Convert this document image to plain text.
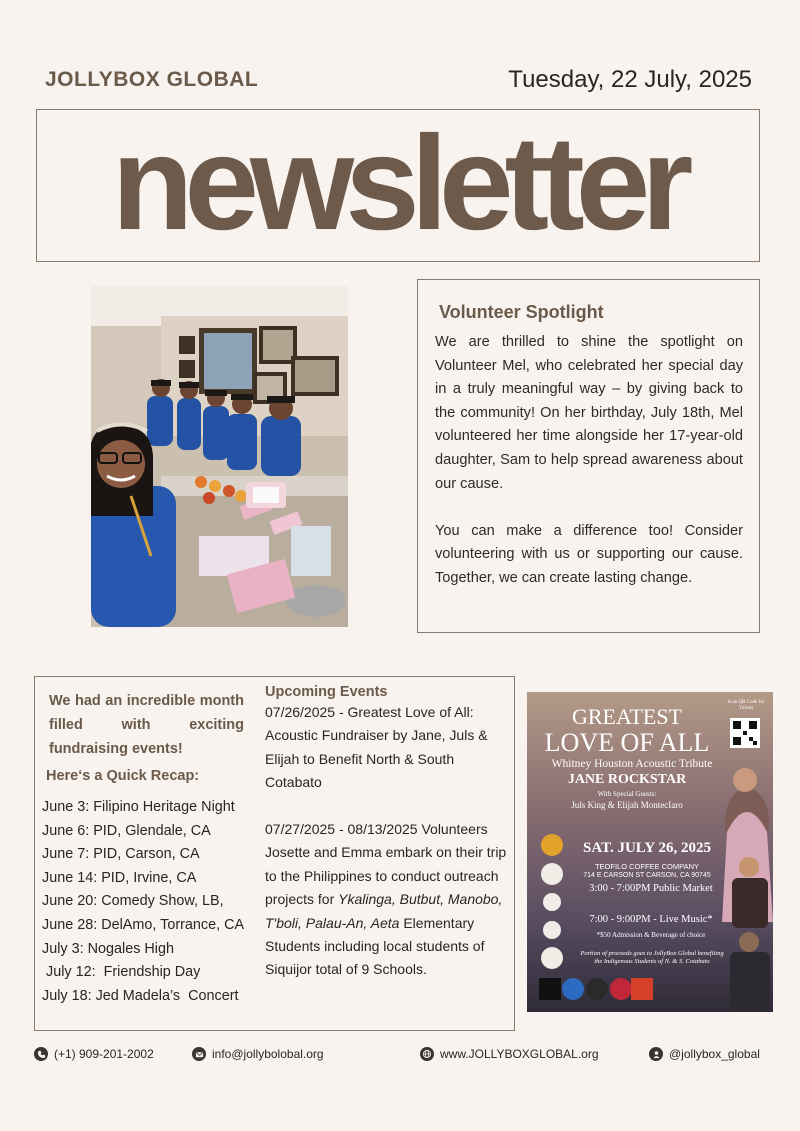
JOLLYBOX GLOBAL	Tuesday, 22 July, 2025
newsletter
Volunteer Spotlight

We are thrilled to shine the spotlight on Volunteer Mel, who celebrated her special day in a truly meaningful way – by giving back to the community! On her birthday, July 18th, Mel volunteered her time alongside her 17-year-old daughter, Sam to help spread awareness about our cause.

You can make a difference too! Consider volunteering with us or supporting our cause. Together, we can create lasting change.

We had an incredible month filled with exciting fundraising events!
Here‘s a Quick Recap:
June 3: Filipino Heritage Night
June 6: PID, Glendale, CA
June 7: PID, Carson, CA
June 14: PID, Irvine, CA
June 20: Comedy Show, LB,
June 28: DelAmo, Torrance, CA
July 3: Nogales High
July 12:  Friendship Day
July 18: Jed Madela’s  Concert
Upcoming Events

07/26/2025 - Greatest Love of All: Acoustic Fundraiser by Jane, Juls & Elijah to Benefit North & South Cotabato

07/27/2025 - 08/13/2025 Volunteers Josette and Emma embark on their trip to the Philippines to conduct outreach projects for Ykalinga, Butbut, Manobo, T'boli, Palau-An, Aeta Elementary Students including local students of Siquijor total of 9 Schools.

GREATEST
LOVE OF ALL
Whitney Houston Acoustic Tribute
JANE ROCKSTAR
With Special Guests:
Juls King & Elijah MontecIaro
Scan QR Code for Tickets
SAT. JULY 26, 2025
TEOFILO COFFEE COMPANY
714 E CARSON ST CARSON, CA 90745
3:00 - 7:00PM Public Market
7:00 - 9:00PM - Live Music*
*$50 Admission & Beverage of choice
Portion of proceeds goes to JollyBox Global benefiting the Indigenous Students of N. & S. Cotabato
(+1) 909-201-2002	info@jollybolobal.org	www.JOLLYBOXGLOBAL.org	@jollybox_global
